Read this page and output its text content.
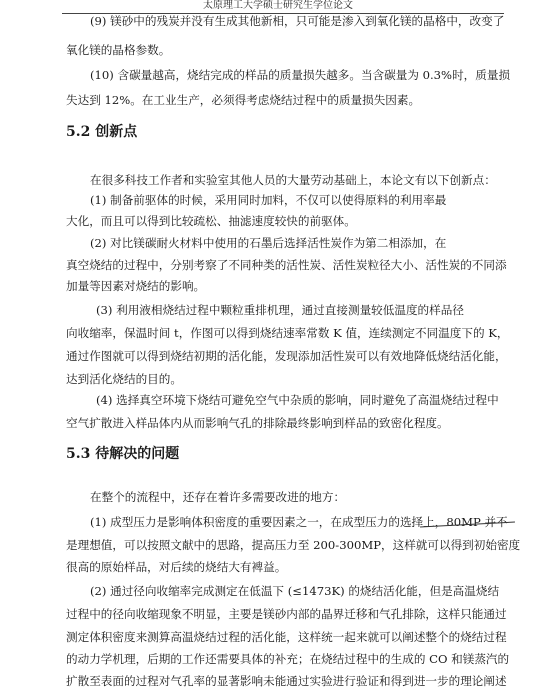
太原理工大学硕士研究生学位论文
5.2 创新点
5.3 待解决的问题
(9) 镁砂中的残炭并没有生成其他新相，只可能是渗入到氧化镁的晶格中，改变了
氧化镁的晶格参数。
(10) 含碳量越高，烧结完成的样品的质量损失越多。当含碳量为 0.3%时，质量损
失达到 12%。在工业生产，必须得考虑烧结过程中的质量损失因素。
在很多科技工作者和实验室其他人员的大量劳动基础上，本论文有以下创新点：
(1) 制备前驱体的时候，采用同时加料，不仅可以使得原料的利用率最
大化，而且可以得到比较疏松、抽滤速度较快的前驱体。
(2) 对比镁碳耐火材料中使用的石墨后选择活性炭作为第二相添加，在
真空烧结的过程中，分别考察了不同种类的活性炭、活性炭粒径大小、活性炭的不同添
加量等因素对烧结的影响。
(3) 利用液相烧结过程中颗粒重排机理，通过直接测量较低温度的样品径
向收缩率，保温时间 t，作图可以得到烧结速率常数 K 值，连续测定不同温度下的 K，
通过作图就可以得到烧结初期的活化能，发现添加活性炭可以有效地降低烧结活化能，
达到活化烧结的目的。
(4) 选择真空环境下烧结可避免空气中杂质的影响，同时避免了高温烧结过程中
空气扩散进入样品体内从而影响气孔的排除最终影响到样品的致密化程度。
在整个的流程中，还存在着许多需要改进的地方：
(1) 成型压力是影响体积密度的重要因素之一，在成型压力的选择上，80MP 并不
是理想值，可以按照文献中的思路，提高压力至 200-300MP，这样就可以得到初始密度
很高的原始样品，对后续的烧结大有裨益。
(2) 通过径向收缩率完成测定在低温下 (≤1473K) 的烧结活化能，但是高温烧结
过程中的径向收缩现象不明显，主要是镁砂内部的晶界迁移和气孔排除，这样只能通过
测定体积密度来测算高温烧结过程的活化能，这样统一起来就可以阐述整个的烧结过程
的动力学机理，后期的工作还需要具体的补充；在烧结过程中的生成的 CO 和镁蒸汽的
扩散至表面的过程对气孔率的显著影响未能通过实验进行验证和得到进一步的理论阐述
